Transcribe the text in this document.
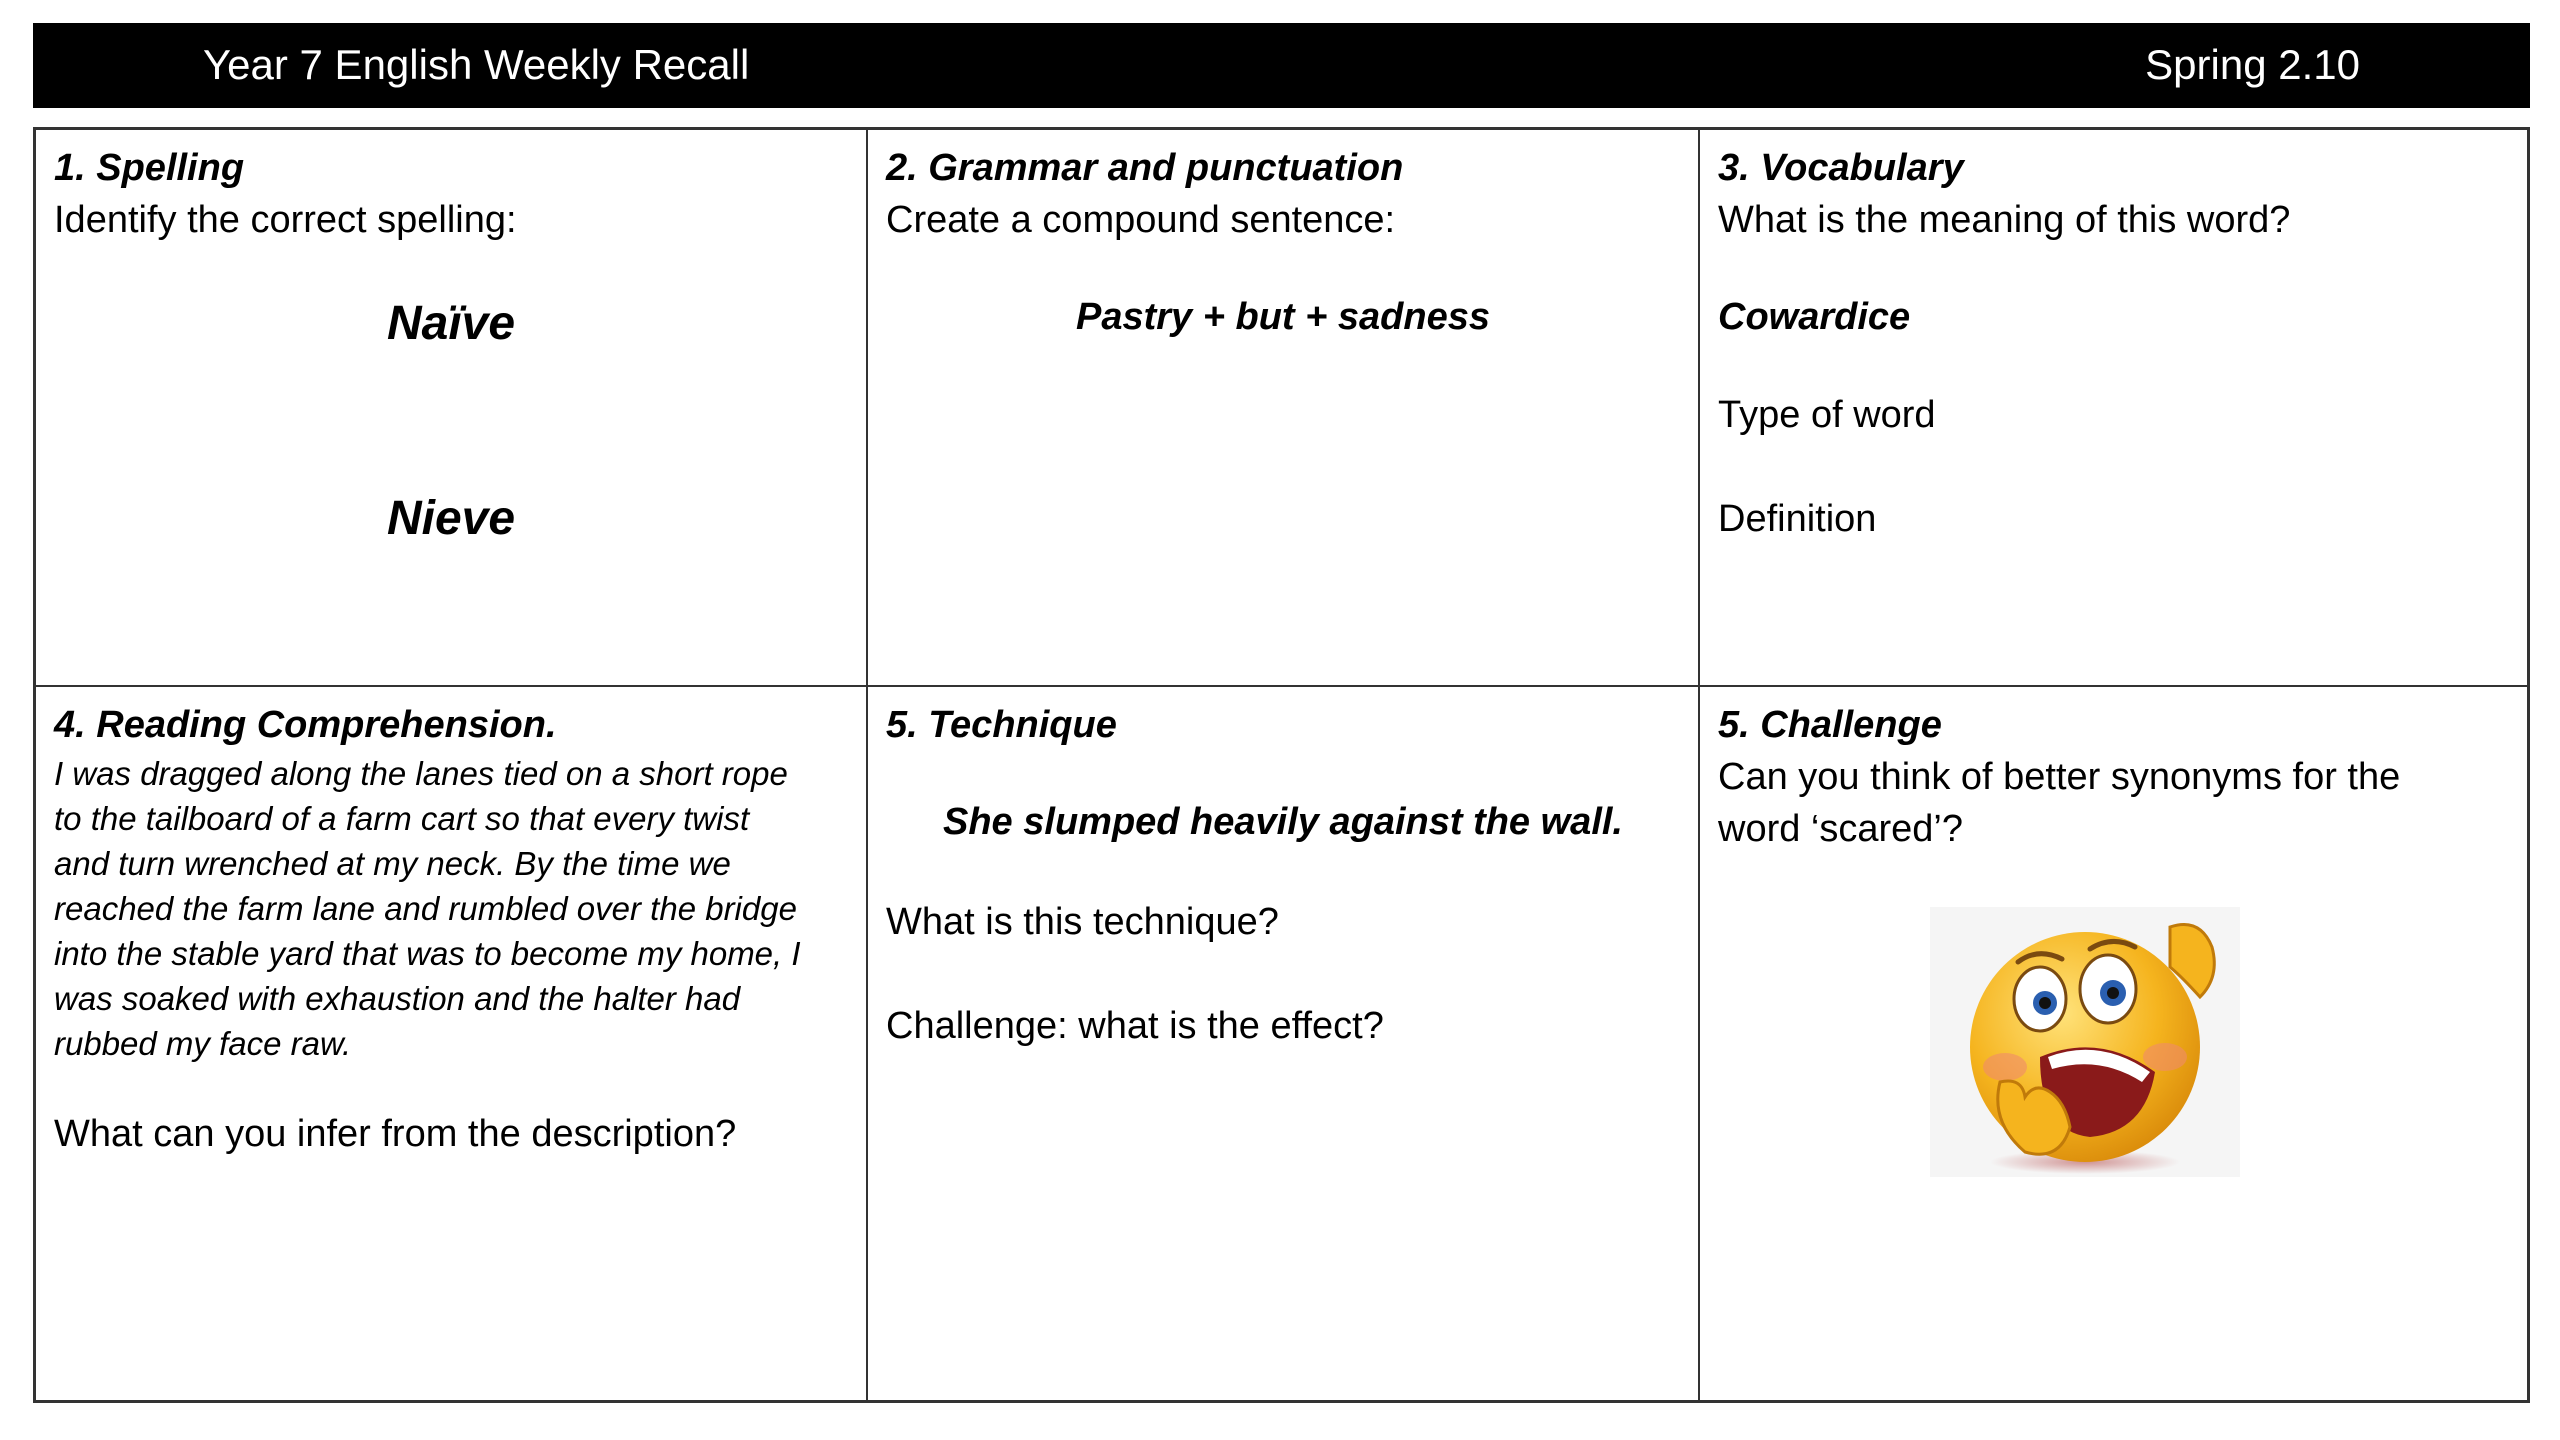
Year 7 English Weekly Recall	Spring 2.10
1. Spelling
Identify the correct spelling:
Naïve
Nieve
2. Grammar and punctuation
Create a compound sentence:
Pastry + but + sadness
3. Vocabulary
What is the meaning of this word?
Cowardice
Type of word
Definition
4. Reading Comprehension.
I was dragged along the lanes tied on a short rope
to the tailboard of a farm cart so that every twist
and turn wrenched at my neck. By the time we
reached the farm lane and rumbled over the bridge
into the stable yard that was to become my home, I
was soaked with exhaustion and the halter had
rubbed my face raw.
What can you infer from the description?
5. Technique
She slumped heavily against the wall.
What is this technique?
Challenge: what is the effect?
5. Challenge
Can you think of better synonyms for the
word ‘scared’?
